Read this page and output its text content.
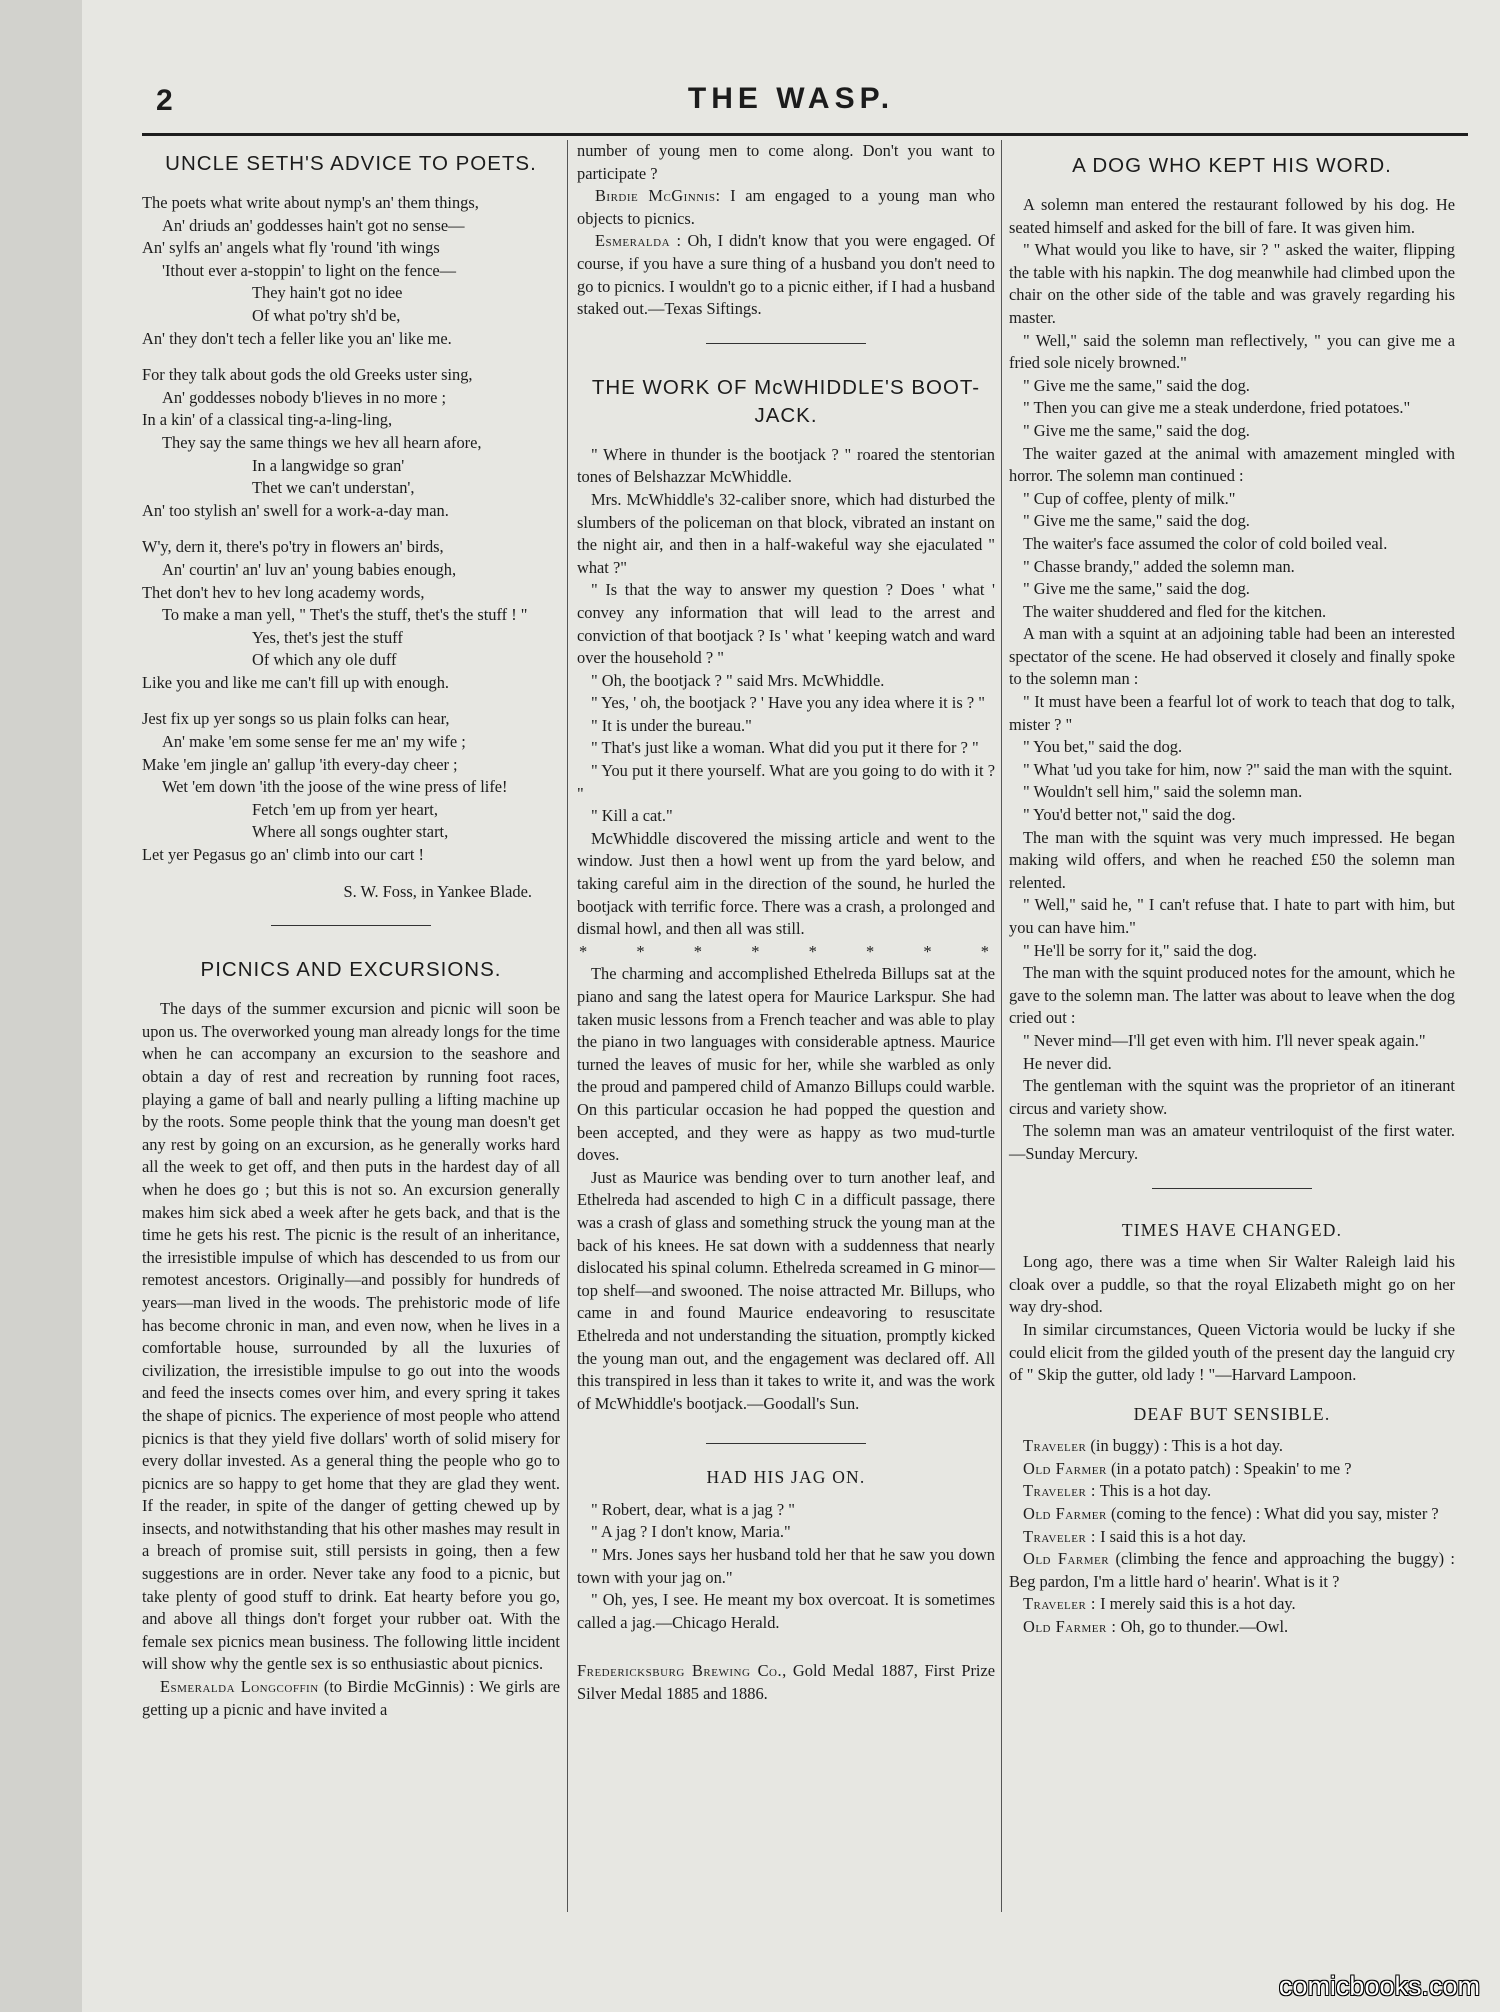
2	THE WASP.
UNCLE SETH'S ADVICE TO POETS.
The poets what write about nymp's an' them things,
An' driuds an' goddesses hain't got no sense—
An' sylfs an' angels what fly 'round 'ith wings
'Ithout ever a-stoppin' to light on the fence—
They hain't got no idee
Of what po'try sh'd be,
An' they don't tech a feller like you an' like me.
For they talk about gods the old Greeks uster sing,
An' goddesses nobody b'lieves in no more ;
In a kin' of a classical ting-a-ling-ling,
They say the same things we hev all hearn afore,
In a langwidge so gran'
Thet we can't understan',
An' too stylish an' swell for a work-a-day man.
W'y, dern it, there's po'try in flowers an' birds,
An' courtin' an' luv an' young babies enough,
Thet don't hev to hev long academy words,
To make a man yell, " Thet's the stuff, thet's the stuff ! "
Yes, thet's jest the stuff
Of which any ole duff
Like you and like me can't fill up with enough.
Jest fix up yer songs so us plain folks can hear,
An' make 'em some sense fer me an' my wife ;
Make 'em jingle an' gallup 'ith every-day cheer ;
Wet 'em down 'ith the joose of the wine press of life!
Fetch 'em up from yer heart,
Where all songs oughter start,
Let yer Pegasus go an' climb into our cart !
S. W. Foss, in Yankee Blade.
PICNICS AND EXCURSIONS.

The days of the summer excursion and picnic will soon be upon us. The overworked young man already longs for the time when he can accompany an excursion to the seashore and obtain a day of rest and recreation by running foot races, playing a game of ball and nearly pulling a lifting machine up by the roots. Some people think that the young man doesn't get any rest by going on an excursion, as he generally works hard all the week to get off, and then puts in the hardest day of all when he does go ; but this is not so. An excursion generally makes him sick abed a week after he gets back, and that is the time he gets his rest. The picnic is the result of an inheritance, the irresistible impulse of which has descended to us from our remotest ancestors. Originally—and possibly for hundreds of years—man lived in the woods. The prehistoric mode of life has become chronic in man, and even now, when he lives in a comfortable house, surrounded by all the luxuries of civilization, the irresistible impulse to go out into the woods and feed the insects comes over him, and every spring it takes the shape of picnics. The experience of most people who attend picnics is that they yield five dollars' worth of solid misery for every dollar invested. As a general thing the people who go to picnics are so happy to get home that they are glad they went. If the reader, in spite of the danger of getting chewed up by insects, and notwithstanding that his other mashes may result in a breach of promise suit, still persists in going, then a few suggestions are in order. Never take any food to a picnic, but take plenty of good stuff to drink. Eat hearty before you go, and above all things don't forget your rubber oat. With the female sex picnics mean business. The following little incident will show why the gentle sex is so enthusiastic about picnics.

Esmeralda Longcoffin (to Birdie McGinnis) : We girls are getting up a picnic and have invited a

number of young men to come along. Don't you want to participate ?

Birdie McGinnis: I am engaged to a young man who objects to picnics.

Esmeralda : Oh, I didn't know that you were engaged. Of course, if you have a sure thing of a husband you don't need to go to picnics. I wouldn't go to a picnic either, if I had a husband staked out.—Texas Siftings.

THE WORK OF McWHIDDLE'S BOOT-JACK.

" Where in thunder is the bootjack ? " roared the stentorian tones of Belshazzar McWhiddle.

Mrs. McWhiddle's 32-caliber snore, which had disturbed the slumbers of the policeman on that block, vibrated an instant on the night air, and then in a half-wakeful way she ejaculated " what ?"

" Is that the way to answer my question ? Does ' what ' convey any information that will lead to the arrest and conviction of that bootjack ? Is ' what ' keeping watch and ward over the household ? "

" Oh, the bootjack ? " said Mrs. McWhiddle.

" Yes, ' oh, the bootjack ? ' Have you any idea where it is ? "

" It is under the bureau."

" That's just like a woman. What did you put it there for ? "

" You put it there yourself. What are you going to do with it ? "

" Kill a cat."

McWhiddle discovered the missing article and went to the window. Just then a howl went up from the yard below, and taking careful aim in the direction of the sound, he hurled the bootjack with terrific force. There was a crash, a prolonged and dismal howl, and then all was still.

* * * * * * * *

The charming and accomplished Ethelreda Billups sat at the piano and sang the latest opera for Maurice Larkspur. She had taken music lessons from a French teacher and was able to play the piano in two languages with considerable aptness. Maurice turned the leaves of music for her, while she warbled as only the proud and pampered child of Amanzo Billups could warble. On this particular occasion he had popped the question and been accepted, and they were as happy as two mud-turtle doves.

Just as Maurice was bending over to turn another leaf, and Ethelreda had ascended to high C in a difficult passage, there was a crash of glass and something struck the young man at the back of his knees. He sat down with a suddenness that nearly dislocated his spinal column. Ethelreda screamed in G minor—top shelf—and swooned. The noise attracted Mr. Billups, who came in and found Maurice endeavoring to resuscitate Ethelreda and not understanding the situation, promptly kicked the young man out, and the engagement was declared off. All this transpired in less than it takes to write it, and was the work of McWhiddle's bootjack.—Goodall's Sun.

HAD HIS JAG ON.

" Robert, dear, what is a jag ? "

" A jag ? I don't know, Maria."

" Mrs. Jones says her husband told her that he saw you down town with your jag on."

" Oh, yes, I see. He meant my box overcoat. It is sometimes called a jag.—Chicago Herald.

Fredericksburg Brewing Co., Gold Medal 1887, First Prize Silver Medal 1885 and 1886.

A DOG WHO KEPT HIS WORD.

A solemn man entered the restaurant followed by his dog. He seated himself and asked for the bill of fare. It was given him.

" What would you like to have, sir ? " asked the waiter, flipping the table with his napkin. The dog meanwhile had climbed upon the chair on the other side of the table and was gravely regarding his master.

" Well," said the solemn man reflectively, " you can give me a fried sole nicely browned."

" Give me the same," said the dog.

" Then you can give me a steak underdone, fried potatoes."

" Give me the same," said the dog.

The waiter gazed at the animal with amazement mingled with horror. The solemn man continued :

" Cup of coffee, plenty of milk."

" Give me the same," said the dog.

The waiter's face assumed the color of cold boiled veal.

" Chasse brandy," added the solemn man.

" Give me the same," said the dog.

The waiter shuddered and fled for the kitchen.

A man with a squint at an adjoining table had been an interested spectator of the scene. He had observed it closely and finally spoke to the solemn man :

" It must have been a fearful lot of work to teach that dog to talk, mister ? "

" You bet," said the dog.

" What 'ud you take for him, now ?" said the man with the squint.

" Wouldn't sell him," said the solemn man.

" You'd better not," said the dog.

The man with the squint was very much impressed. He began making wild offers, and when he reached £50 the solemn man relented.

" Well," said he, " I can't refuse that. I hate to part with him, but you can have him."

" He'll be sorry for it," said the dog.

The man with the squint produced notes for the amount, which he gave to the solemn man. The latter was about to leave when the dog cried out :

" Never mind—I'll get even with him. I'll never speak again."

He never did.

The gentleman with the squint was the proprietor of an itinerant circus and variety show.

The solemn man was an amateur ventriloquist of the first water.—Sunday Mercury.

TIMES HAVE CHANGED.

Long ago, there was a time when Sir Walter Raleigh laid his cloak over a puddle, so that the royal Elizabeth might go on her way dry-shod.

In similar circumstances, Queen Victoria would be lucky if she could elicit from the gilded youth of the present day the languid cry of " Skip the gutter, old lady ! "—Harvard Lampoon.

DEAF BUT SENSIBLE.

Traveler (in buggy) : This is a hot day.

Old Farmer (in a potato patch) : Speakin' to me ?

Traveler : This is a hot day.

Old Farmer (coming to the fence) : What did you say, mister ?

Traveler : I said this is a hot day.

Old Farmer (climbing the fence and approaching the buggy) : Beg pardon, I'm a little hard o' hearin'. What is it ?

Traveler : I merely said this is a hot day.

Old Farmer : Oh, go to thunder.—Owl.

comicbooks.com
